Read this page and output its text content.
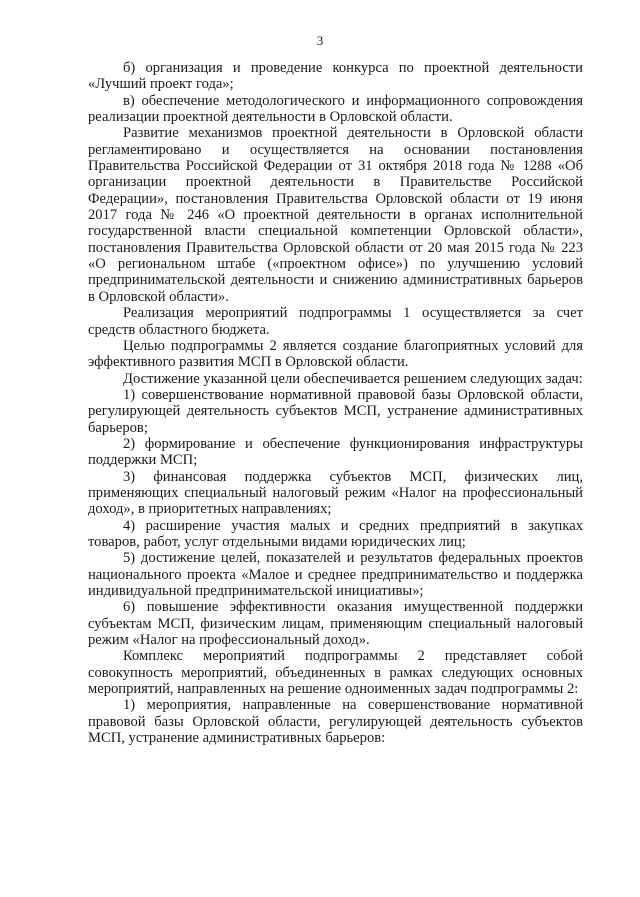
3

б) организация и проведение конкурса по проектной деятельности «Лучший проект года»;

в) обеспечение методологического и информационного сопровождения реализации проектной деятельности в Орловской области.

Развитие механизмов проектной деятельности в Орловской области регламентировано и осуществляется на основании постановления Правительства Российской Федерации от 31 октября 2018 года № 1288 «Об организации проектной деятельности в Правительстве Российской Федерации», постановления Правительства Орловской области от 19 июня 2017 года № 246 «О проектной деятельности в органах исполнительной государственной власти специальной компетенции Орловской области», постановления Правительства Орловской области от 20 мая 2015 года № 223 «О региональном штабе («проектном офисе») по улучшению условий предпринимательской деятельности и снижению административных барьеров в Орловской области».

Реализация мероприятий подпрограммы 1 осуществляется за счет средств областного бюджета.

Целью подпрограммы 2 является создание благоприятных условий для эффективного развития МСП в Орловской области.

Достижение указанной цели обеспечивается решением следующих задач:

1) совершенствование нормативной правовой базы Орловской области, регулирующей деятельность субъектов МСП, устранение административных барьеров;

2) формирование и обеспечение функционирования инфраструктуры поддержки МСП;

3) финансовая поддержка субъектов МСП, физических лиц, применяющих специальный налоговый режим «Налог на профессиональный доход», в приоритетных направлениях;

4) расширение участия малых и средних предприятий в закупках товаров, работ, услуг отдельными видами юридических лиц;

5) достижение целей, показателей и результатов федеральных проектов национального проекта «Малое и среднее предпринимательство и поддержка индивидуальной предпринимательской инициативы»;

6) повышение эффективности оказания имущественной поддержки субъектам МСП, физическим лицам, применяющим специальный налоговый режим «Налог на профессиональный доход».

Комплекс мероприятий подпрограммы 2 представляет собой совокупность мероприятий, объединенных в рамках следующих основных мероприятий, направленных на решение одноименных задач подпрограммы 2:

1) мероприятия, направленные на совершенствование нормативной правовой базы Орловской области, регулирующей деятельность субъектов МСП, устранение административных барьеров:
